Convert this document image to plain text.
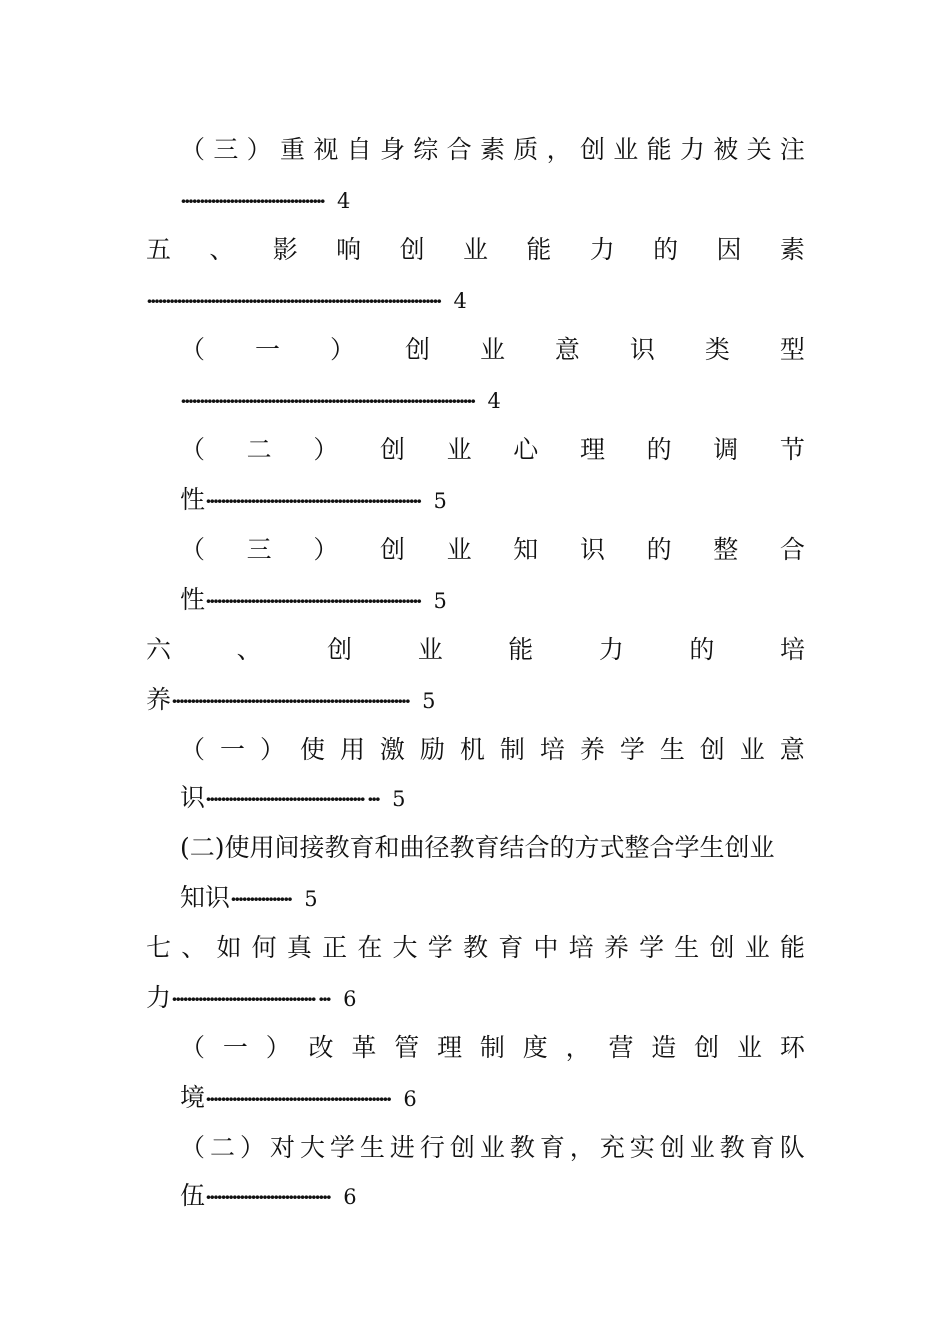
（ 三 ） 重 视 自 身 综 合 素 质 ， 创 业 能 力 被 关 注
······································ 4
五 、 影 响 创 业 能 力 的 因 素
·············································································· 4
（ 一 ） 创 业 意 识 类 型
·············································································· 4
（ 二 ） 创 业 心 理 的 调 节
性························································· 5
（ 三 ） 创 业 知 识 的 整 合
性························································· 5
六	、	创	业	能	力	的	培
养······························································· 5
（ 一 ） 使 用 激 励 机 制 培 养 学 生 创 业 意
识·········································· ··· 5
(二)使用间接教育和曲径教育结合的方式整合学生创业
知识················ 5
七 、 如 何 真 正 在 大 学 教 育 中 培 养 学 生 创 业 能
力······································ ··· 6
（ 一 ） 改 革 管 理 制 度 ， 营 造 创 业 环
境················································· 6
（ 二 ） 对 大 学 生 进 行 创 业 教 育 ， 充 实 创 业 教 育 队
伍································· 6
